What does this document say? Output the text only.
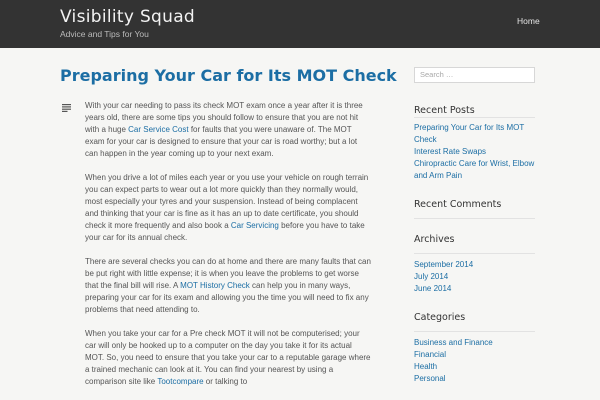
Visibility Squad
Advice and Tips for You
Home
Preparing Your Car for Its MOT Check

With your car needing to pass its check MOT exam once a year after it is three years old, there are some tips you should follow to ensure that you are not hit with a huge Car Service Cost for faults that you were unaware of. The MOT exam for your car is designed to ensure that your car is road worthy; but a lot can happen in the year coming up to your next exam.

When you drive a lot of miles each year or you use your vehicle on rough terrain you can expect parts to wear out a lot more quickly than they normally would, most especially your tyres and your suspension. Instead of being complacent and thinking that your car is fine as it has an up to date certificate, you should check it more frequently and also book a Car Servicing before you have to take your car for its annual check.

There are several checks you can do at home and there are many faults that can be put right with little expense; it is when you leave the problems to get worse that the final bill will rise. A MOT History Check can help you in many ways, preparing your car for its exam and allowing you the time you will need to fix any problems that need attending to.

When you take your car for a Pre check MOT it will not be computerised; your car will only be hooked up to a computer on the day you take it for its actual MOT. So, you need to ensure that you take your car to a reputable garage where a trained mechanic can look at it. You can find your nearest by using a comparison site like Tootcompare or talking to

Search …
Recent Posts
Preparing Your Car for Its MOT Check
Interest Rate Swaps
Chiropractic Care for Wrist, Elbow and Arm Pain
Recent Comments
Archives
September 2014
July 2014
June 2014
Categories
Business and Finance
Financial
Health
Personal
